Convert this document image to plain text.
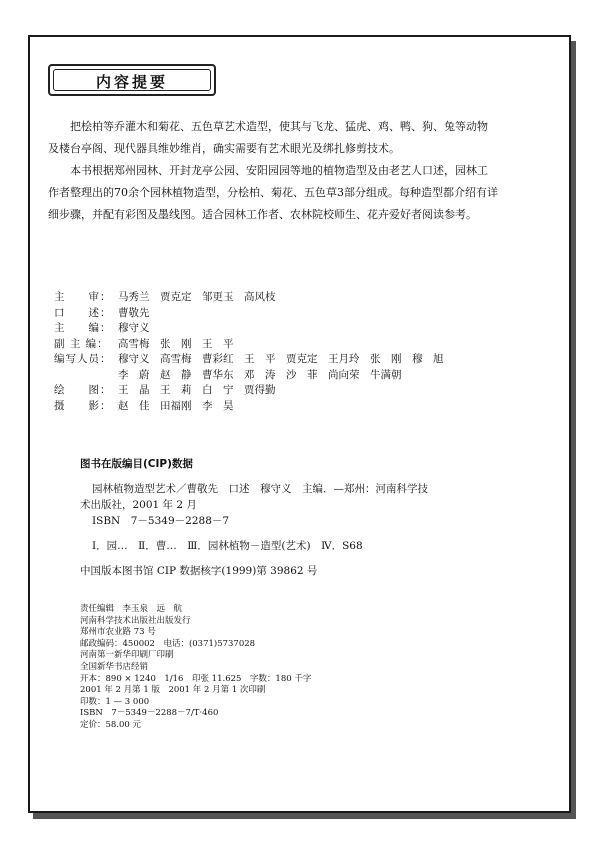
内容提要

把桧柏等乔灌木和菊花、五色草艺术造型，使其与飞龙、猛虎、鸡、鸭、狗、兔等动物及楼台亭阁、现代器具维妙维肖，确实需要有艺术眼光及绑扎修剪技术。

本书根据郑州园林、开封龙亭公园、安阳园园等地的植物造型及由老艺人口述，园林工作者整理出的70余个园林植物造型，分桧柏、菊花、五色草3部分组成。每种造型都介绍有详细步骤，并配有彩图及墨线图。适合园林工作者、农林院校师生、花卉爱好者阅读参考。

主　　审： 马秀兰　贾克定　邹更玉　高风枝
口　　述： 曹敬先
主　　编： 穆守义
副 主 编： 高雪梅　张　刚　王　平
编写人员： 穆守义　高雪梅　曹彩红　王　平　贾克定　王月玲　张　刚　穆　旭
李　蔚　赵　静　曹华东　邓　涛　沙　菲　尚向荣　牛满朝
绘　　图： 王　晶　王　莉　白　宁　贾得勤
摄　　影： 赵　佳　田福刚　李　昊
图书在版编目(CIP)数据
园林植物造型艺术／曹敬先　口述　穆守义　主编．—郑州：河南科学技
术出版社，2001 年 2 月
ISBN　7－5349－2288－7
Ⅰ．园…　Ⅱ．曹…　Ⅲ．园林植物－造型(艺术)　Ⅳ．S68
中国版本图书馆 CIP 数据核字(1999)第 39862 号
责任编辑　李玉泉　远　航
河南科学技术出版社出版发行
郑州市农业路 73 号
邮政编码：450002　电话：(0371)5737028
河南第一新华印刷厂印刷
全国新华书店经销
开本：890 × 1240　1/16　印张 11.625　字数：180 千字
2001 年 2 月第 1 版　2001 年 2 月第 1 次印刷
印数：1 — 3 000
ISBN　7－5349－2288－7/T·460
定价：58.00 元
